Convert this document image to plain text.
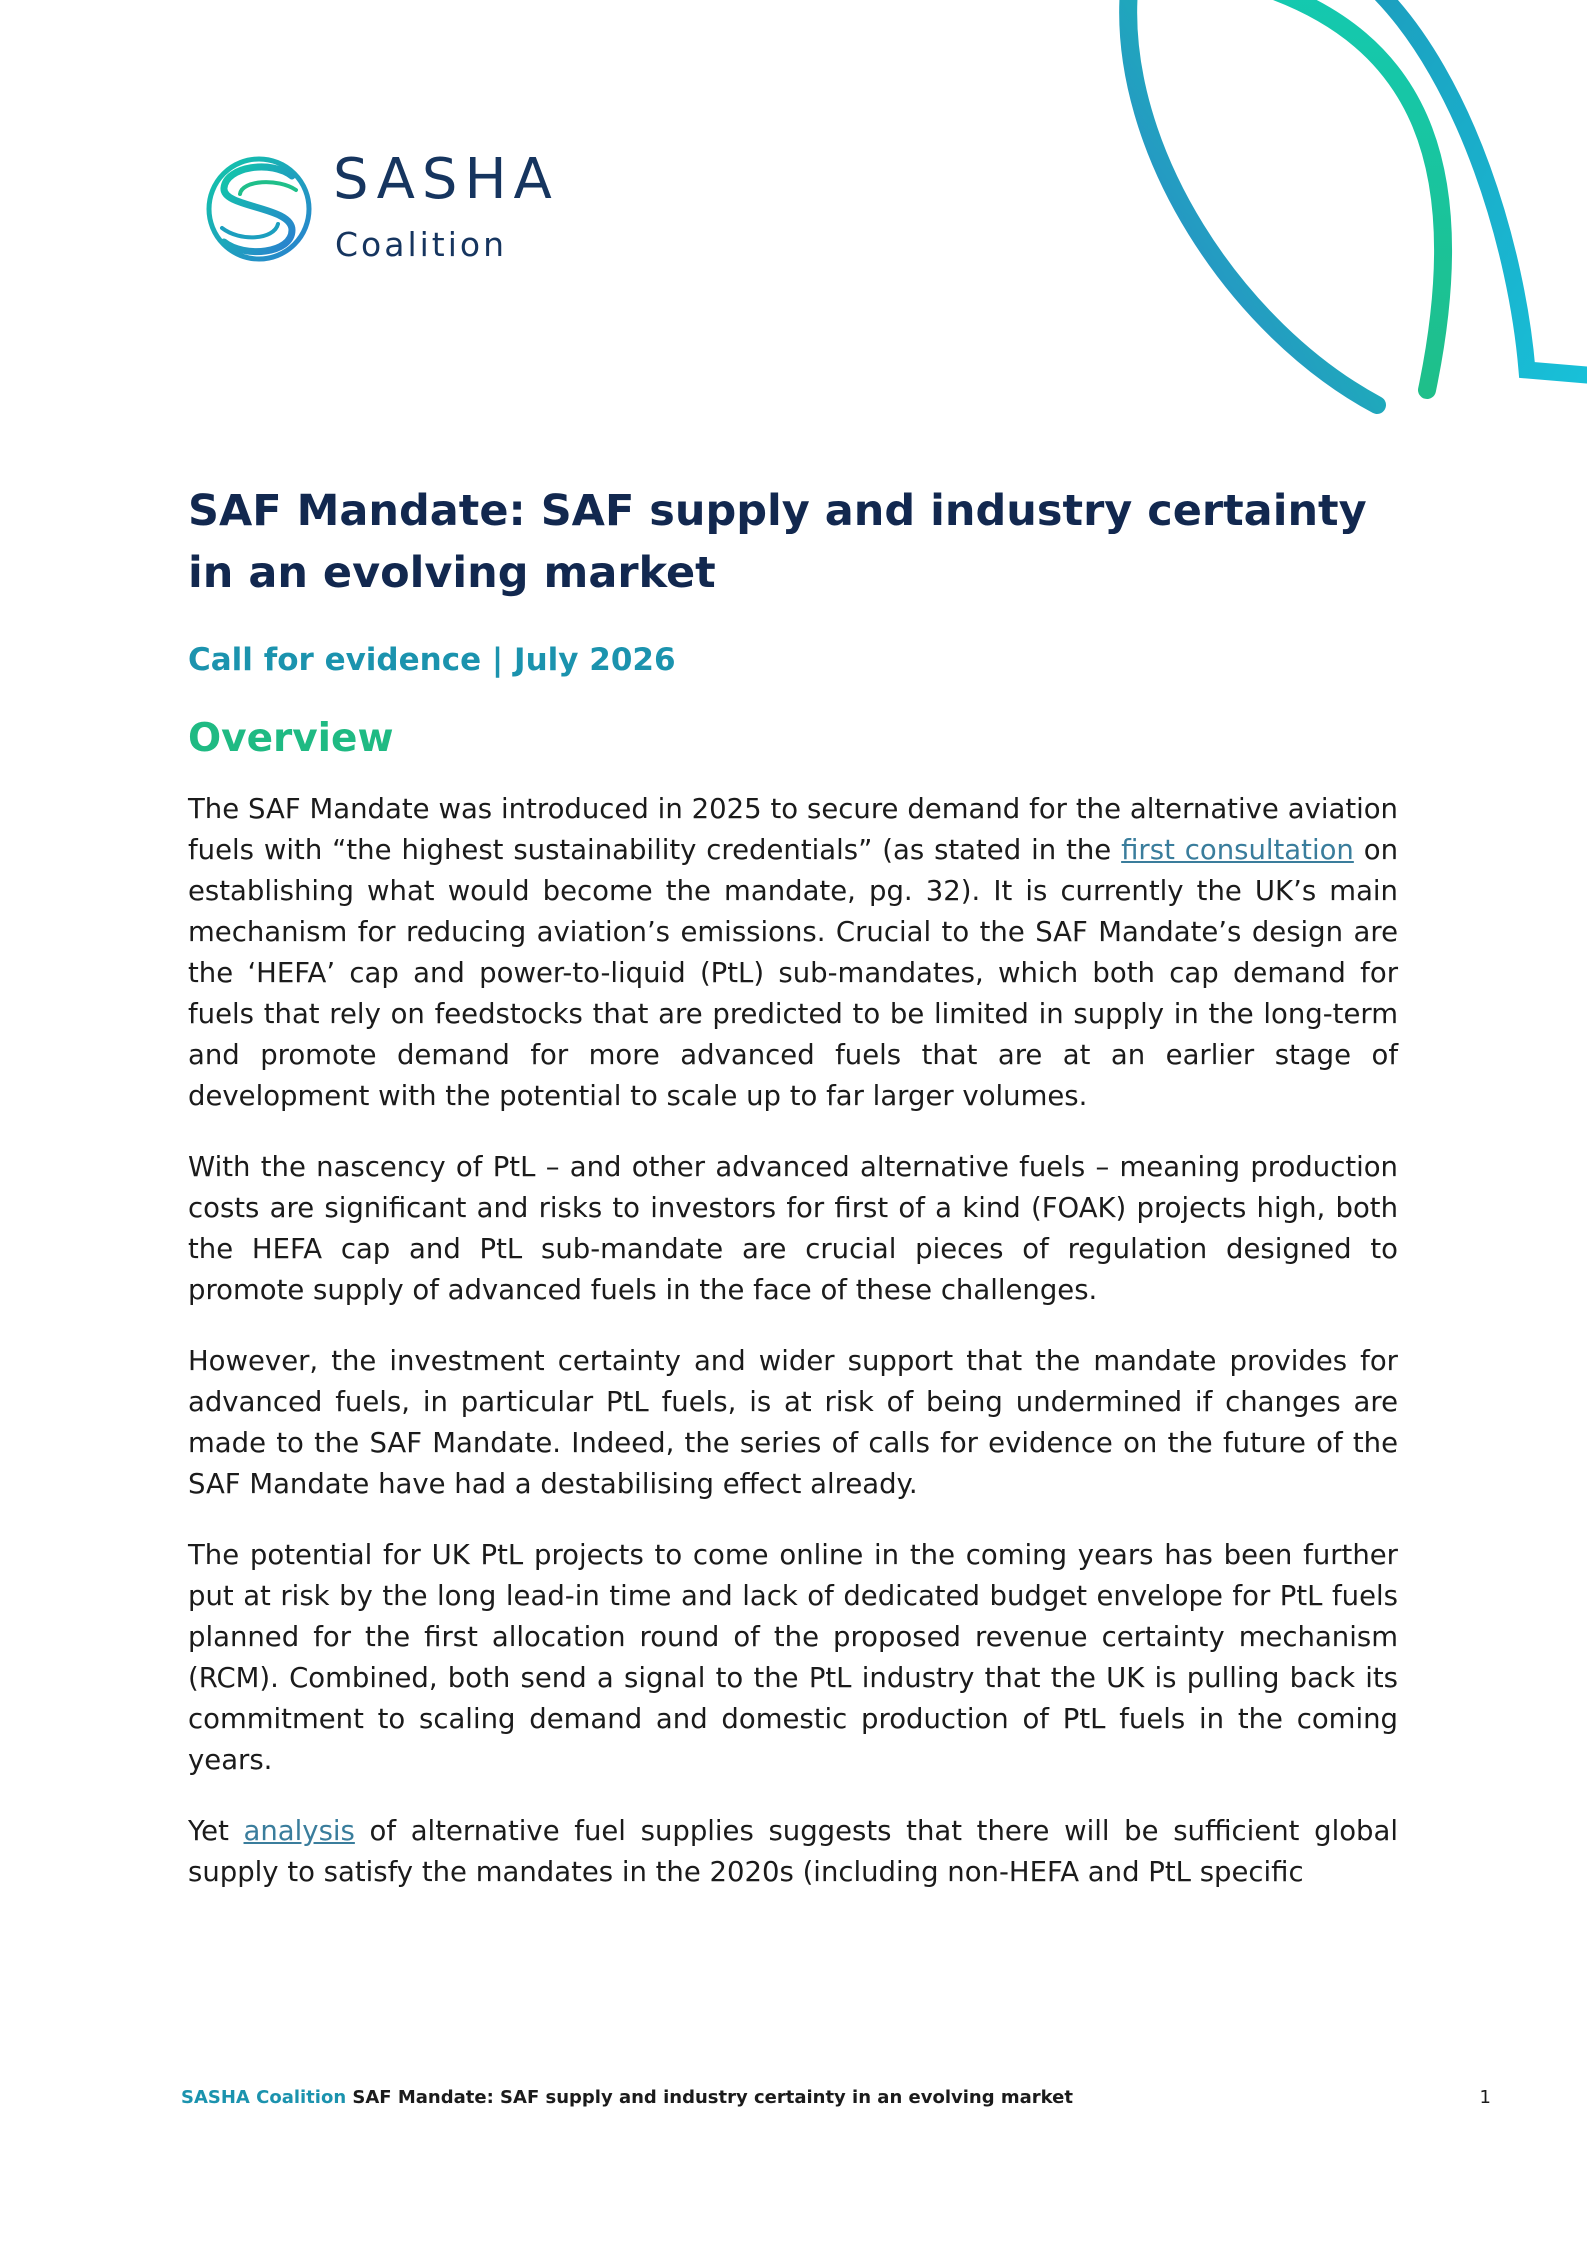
SASHA
Coalition
SAF Mandate: SAF supply and industry certainty
in an evolving market
Call for evidence | July 2026
Overview

The SAF Mandate was introduced in 2025 to secure demand for the alternative aviation fuels with “the highest sustainability credentials” (as stated in the first consultation on establishing what would become the mandate, pg. 32). It is currently the UK’s main mechanism for reducing aviation’s emissions. Crucial to the SAF Mandate’s design are the ‘HEFA’ cap and power-to-liquid (PtL) sub-mandates, which both cap demand for fuels that rely on feedstocks that are predicted to be limited in supply in the long-term and promote demand for more advanced fuels that are at an earlier stage of development with the potential to scale up to far larger volumes.

With the nascency of PtL – and other advanced alternative fuels – meaning production costs are significant and risks to investors for first of a kind (FOAK) projects high, both the HEFA cap and PtL sub-mandate are crucial pieces of regulation designed to promote supply of advanced fuels in the face of these challenges.

However, the investment certainty and wider support that the mandate provides for advanced fuels, in particular PtL fuels, is at risk of being undermined if changes are made to the SAF Mandate. Indeed, the series of calls for evidence on the future of the SAF Mandate have had a destabilising effect already.

The potential for UK PtL projects to come online in the coming years has been further put at risk by the long lead-in time and lack of dedicated budget envelope for PtL fuels planned for the first allocation round of the proposed revenue certainty mechanism (RCM). Combined, both send a signal to the PtL industry that the UK is pulling back its commitment to scaling demand and domestic production of PtL fuels in the coming years.

Yet analysis of alternative fuel supplies suggests that there will be sufficient global supply to satisfy the mandates in the 2020s (including non-HEFA and PtL specific

SASHA Coalition SAF Mandate: SAF supply and industry certainty in an evolving market	1
